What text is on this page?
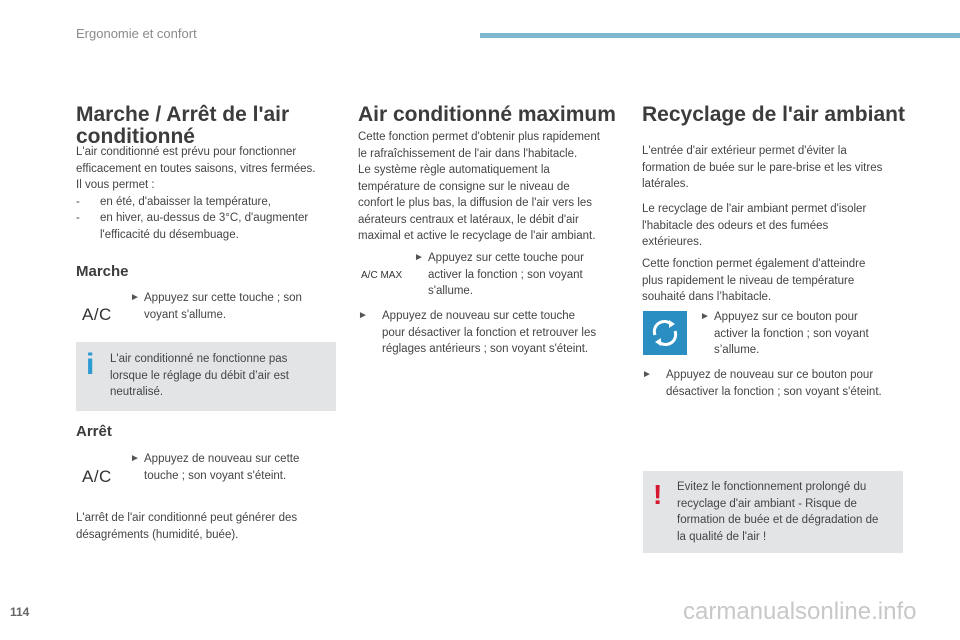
Ergonomie et confort
Marche / Arrêt de l'air conditionné
L'air conditionné est prévu pour fonctionner
efficacement en toutes saisons, vitres fermées.
Il vous permet :
-	en été, d'abaisser la température,
-	en hiver, au-dessus de 3°C, d'augmenter
l'efficacité du désembuage.
Marche
A/C
► Appuyez sur cette touche ; son
voyant s'allume.
i L'air conditionné ne fonctionne pas
lorsque le réglage du débit d’air est
neutralisé.
Arrêt
A/C
► Appuyez de nouveau sur cette
touche ; son voyant s'éteint.
L'arrêt de l'air conditionné peut générer des
désagréments (humidité, buée).
Air conditionné maximum
Cette fonction permet d'obtenir plus rapidement
le rafraîchissement de l'air dans l'habitacle.
Le système règle automatiquement la
température de consigne sur le niveau de
confort le plus bas, la diffusion de l'air vers les
aérateurs centraux et latéraux, le débit d'air
maximal et active le recyclage de l'air ambiant.
A/C MAX
► Appuyez sur cette touche pour
activer la fonction ; son voyant
s'allume.
►	Appuyez de nouveau sur cette touche
pour désactiver la fonction et retrouver les
réglages antérieurs ; son voyant s'éteint.
Recyclage de l'air ambiant
L'entrée d'air extérieur permet d'éviter la
formation de buée sur le pare-brise et les vitres
latérales.
Le recyclage de l'air ambiant permet d'isoler
l'habitacle des odeurs et des fumées
extérieures.
Cette fonction permet également d'atteindre
plus rapidement le niveau de température
souhaité dans l’habitacle.
► Appuyez sur ce bouton pour
activer la fonction ; son voyant
s’allume.
►	Appuyez de nouveau sur ce bouton pour
désactiver la fonction ; son voyant s'éteint.
! Evitez le fonctionnement prolongé du
recyclage d'air ambiant - Risque de
formation de buée et de dégradation de
la qualité de l'air !
114	carmanualsonline.info
